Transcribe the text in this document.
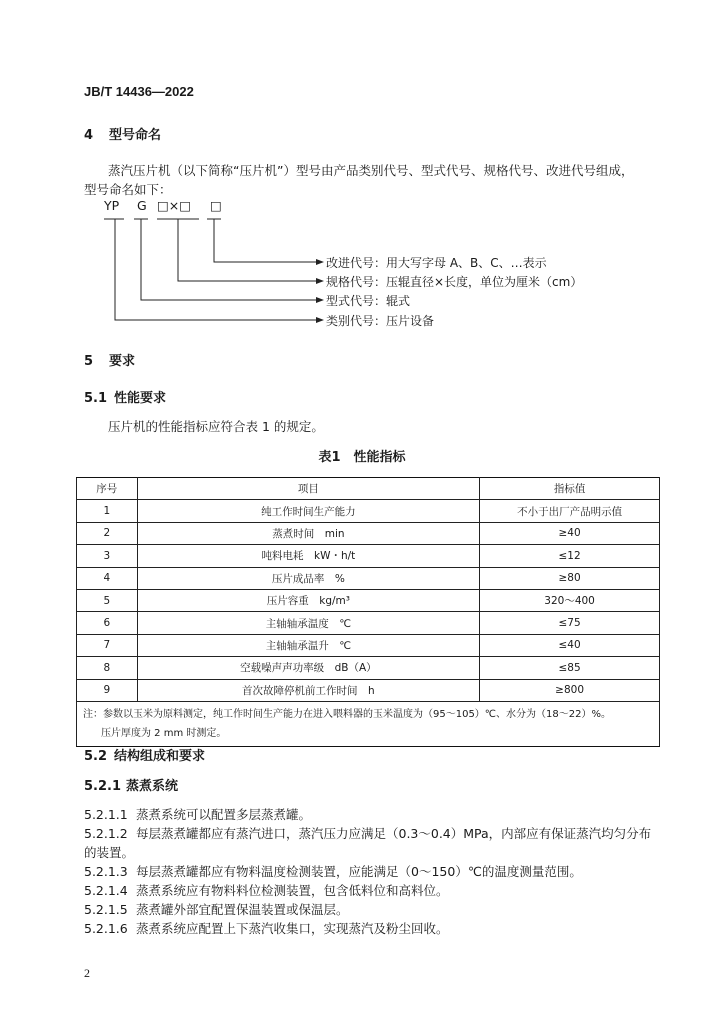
JB/T 14436—2022
4 型号命名
蒸汽压片机（以下简称“压片机”）型号由产品类别代号、型式代号、规格代号、改进代号组成，
型号命名如下：
YP G □×□ □
改进代号：用大写字母 A、B、C、…表示
规格代号：压辊直径×长度，单位为厘米（cm）
型式代号：辊式
类别代号：压片设备
5 要求
5.1 性能要求
压片机的性能指标应符合表 1 的规定。
表1　性能指标
序号	项目	指标值
1	纯工作时间生产能力	不小于出厂产品明示值
2	蒸煮时间　min	≥40
3	吨料电耗　kW・h/t	≤12
4	压片成品率　%	≥80
5	压片容重　kg/m³	320～400
6	主轴轴承温度　℃	≤75
7	主轴轴承温升　℃	≤40
8	空载噪声声功率级　dB（A）	≤85
9	首次故障停机前工作时间　h	≥800

注：参数以玉米为原料测定，纯工作时间生产能力在进入喂料器的玉米温度为（95～105）℃、水分为（18～22）%。
压片厚度为 2 mm 时测定。		
5.2 结构组成和要求
5.2.1 蒸煮系统
5.2.1.1 蒸煮系统可以配置多层蒸煮罐。
5.2.1.2 每层蒸煮罐都应有蒸汽进口，蒸汽压力应满足（0.3～0.4）MPa，内部应有保证蒸汽均匀分布
的装置。
5.2.1.3 每层蒸煮罐都应有物料温度检测装置，应能满足（0～150）℃的温度测量范围。
5.2.1.4 蒸煮系统应有物料料位检测装置，包含低料位和高料位。
5.2.1.5 蒸煮罐外部宜配置保温装置或保温层。
5.2.1.6 蒸煮系统应配置上下蒸汽收集口，实现蒸汽及粉尘回收。
2
